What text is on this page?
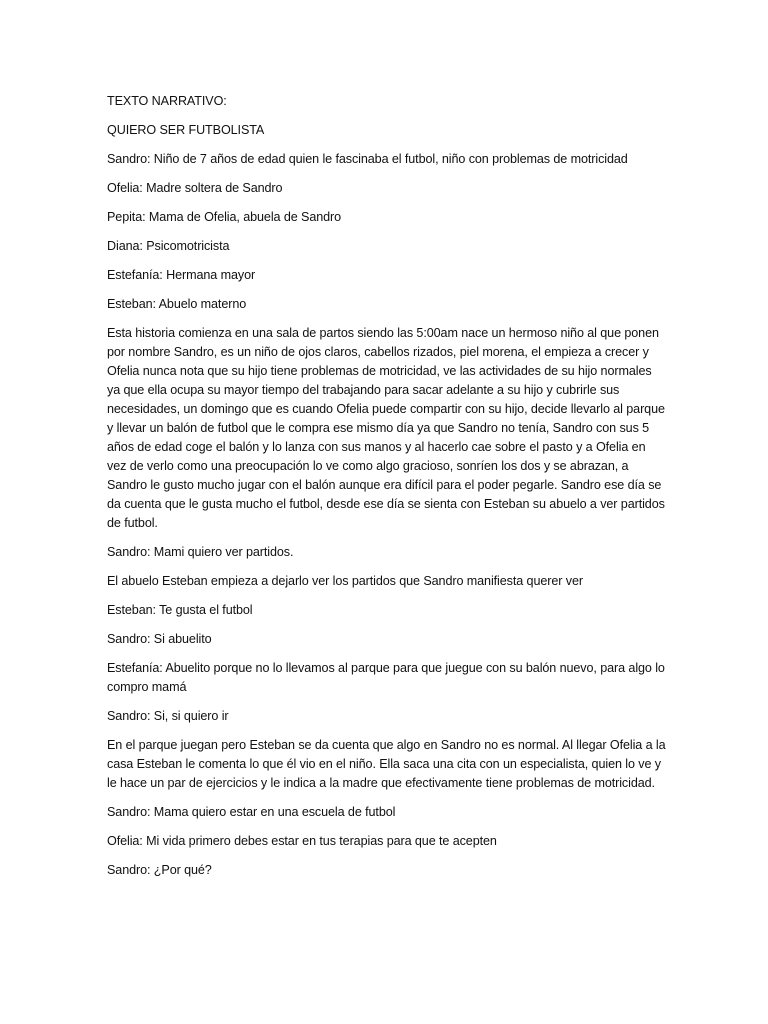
TEXTO NARRATIVO:

QUIERO SER FUTBOLISTA

Sandro: Niño de 7 años de edad quien le fascinaba el futbol, niño con problemas de motricidad

Ofelia: Madre soltera de Sandro

Pepita: Mama de Ofelia, abuela de Sandro

Diana: Psicomotricista

Estefanía: Hermana mayor

Esteban: Abuelo materno

Esta historia comienza en una sala de partos siendo las 5:00am nace un hermoso niño al que ponen por nombre Sandro, es un niño de ojos claros, cabellos rizados, piel morena, el empieza a crecer y Ofelia nunca nota que su hijo tiene problemas de motricidad, ve las actividades de su hijo normales ya que ella ocupa su mayor tiempo del trabajando para sacar adelante a su hijo y cubrirle sus necesidades, un domingo que es cuando Ofelia puede compartir con su hijo, decide llevarlo al parque y llevar un balón de futbol que le compra ese mismo día ya que Sandro no tenía, Sandro con sus 5 años de edad coge el balón y lo lanza con sus manos y al hacerlo cae sobre el pasto y a Ofelia en vez de verlo como una preocupación lo ve como algo gracioso, sonríen los dos y se abrazan, a Sandro le gusto mucho jugar con el balón aunque era difícil para el poder pegarle. Sandro ese día se da cuenta que le gusta mucho el futbol, desde ese día se sienta con Esteban su abuelo a ver partidos de futbol.

Sandro: Mami quiero ver partidos.

El abuelo Esteban empieza a dejarlo ver los partidos que Sandro manifiesta querer ver

Esteban: Te gusta el futbol

Sandro: Si abuelito

Estefanía: Abuelito porque no lo llevamos al parque para que juegue con su balón nuevo, para algo lo compro mamá

Sandro: Si, si quiero ir

En el parque juegan pero Esteban se da cuenta que algo en Sandro no es normal. Al llegar Ofelia a la casa Esteban le comenta lo que él vio en el niño. Ella saca una cita con un especialista, quien lo ve y le hace un par de ejercicios y le indica a la madre que efectivamente tiene problemas de motricidad.

Sandro: Mama quiero estar en una escuela de futbol

Ofelia: Mi vida primero debes estar en tus terapias para que te acepten

Sandro: ¿Por qué?
